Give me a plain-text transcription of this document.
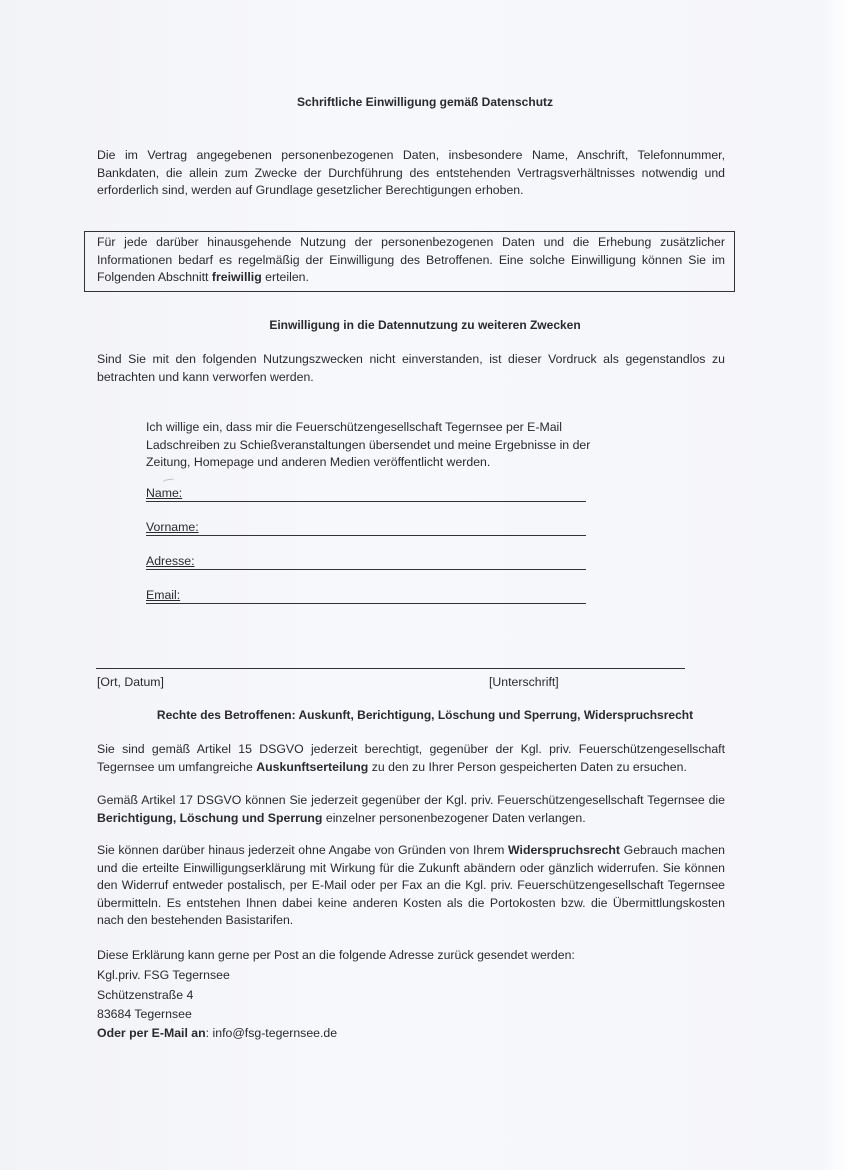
Schriftliche Einwilligung gemäß Datenschutz
Die im Vertrag angegebenen personenbezogenen Daten, insbesondere Name, Anschrift, Telefonnummer, Bankdaten, die allein zum Zwecke der Durchführung des entstehenden Vertragsverhältnisses notwendig und erforderlich sind, werden auf Grundlage gesetzlicher Berechtigungen erhoben.
Für jede darüber hinausgehende Nutzung der personenbezogenen Daten und die Erhebung zusätzlicher Informationen bedarf es regelmäßig der Einwilligung des Betroffenen. Eine solche Einwilligung können Sie im Folgenden Abschnitt freiwillig erteilen.
Einwilligung in die Datennutzung zu weiteren Zwecken
Sind Sie mit den folgenden Nutzungszwecken nicht einverstanden, ist dieser Vordruck als gegenstandlos zu betrachten und kann verworfen werden.
Ich willige ein, dass mir die Feuerschützengesellschaft Tegernsee per E-Mail Ladschreiben zu Schießveranstaltungen übersendet und meine Ergebnisse in der Zeitung, Homepage und anderen Medien veröffentlicht werden.
Name:
Vorname:
Adresse:
Email:
[Ort, Datum]	[Unterschrift]
Rechte des Betroffenen: Auskunft, Berichtigung, Löschung und Sperrung, Widerspruchsrecht
Sie sind gemäß Artikel 15 DSGVO jederzeit berechtigt, gegenüber der Kgl. priv. Feuerschützengesellschaft Tegernsee um umfangreiche Auskunftserteilung zu den zu Ihrer Person gespeicherten Daten zu ersuchen.
Gemäß Artikel 17 DSGVO können Sie jederzeit gegenüber der Kgl. priv. Feuerschützengesellschaft Tegernsee die Berichtigung, Löschung und Sperrung einzelner personenbezogener Daten verlangen.
Sie können darüber hinaus jederzeit ohne Angabe von Gründen von Ihrem Widerspruchsrecht Gebrauch machen und die erteilte Einwilligungserklärung mit Wirkung für die Zukunft abändern oder gänzlich widerrufen. Sie können den Widerruf entweder postalisch, per E-Mail oder per Fax an die Kgl. priv. Feuerschützengesellschaft Tegernsee übermitteln. Es entstehen Ihnen dabei keine anderen Kosten als die Portokosten bzw. die Übermittlungskosten nach den bestehenden Basistarifen.
Diese Erklärung kann gerne per Post an die folgende Adresse zurück gesendet werden:
Kgl.priv. FSG Tegernsee
Schützenstraße 4
83684 Tegernsee
Oder per E-Mail an: info@fsg-tegernsee.de
